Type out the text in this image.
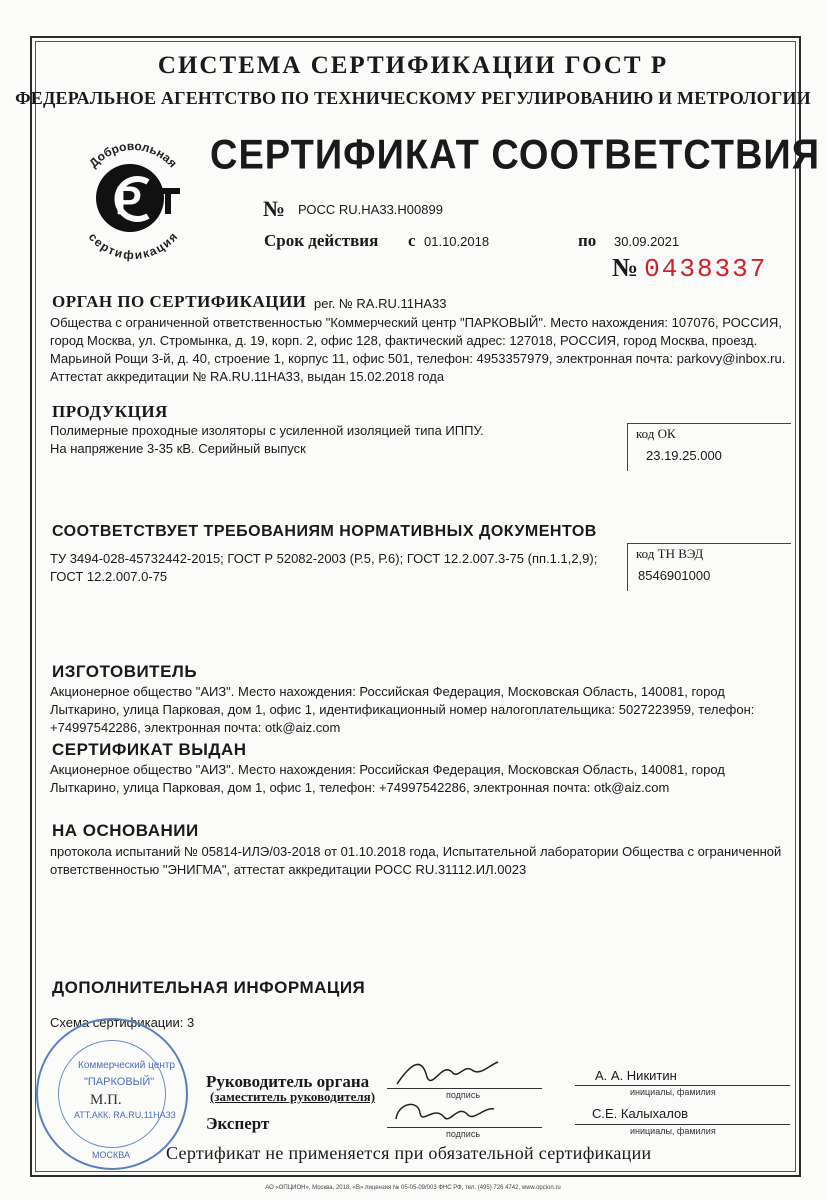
СИСТЕМА СЕРТИФИКАЦИИ ГОСТ Р
ФЕДЕРАЛЬНОЕ АГЕНТСТВО ПО ТЕХНИЧЕСКОМУ РЕГУЛИРОВАНИЮ И МЕТРОЛОГИИ
Добровольная
сертификация
Р
СЕРТИФИКАТ СООТВЕТСТВИЯ
№ РОСС RU.НА33.Н00899
Срок действия с 01.10.2018	по 30.09.2021
№ 0438337
ОРГАН ПО СЕРТИФИКАЦИИ рег. № RA.RU.11НА33
Общества с ограниченной ответственностью "Коммерческий центр "ПАРКОВЫЙ". Место нахождения: 107076, РОССИЯ,
город Москва, ул. Стромынка, д. 19, корп. 2, офис 128, фактический адрес: 127018, РОССИЯ, город Москва, проезд.
Марьиной Рощи 3-й, д. 40, строение 1, корпус 11, офис 501, телефон: 4953357979, электронная почта: parkovy@inbox.ru.
Аттестат аккредитации № RA.RU.11НА33, выдан 15.02.2018 года
ПРОДУКЦИЯ
Полимерные проходные изоляторы с усиленной изоляцией типа ИППУ.
На напряжение 3-35 кВ. Серийный выпуск
код ОК
23.19.25.000
СООТВЕТСТВУЕТ ТРЕБОВАНИЯМ НОРМАТИВНЫХ ДОКУМЕНТОВ
ТУ 3494-028-45732442-2015; ГОСТ Р 52082-2003 (Р.5, Р.6); ГОСТ 12.2.007.3-75 (пп.1.1,2,9);
ГОСТ 12.2.007.0-75
код ТН ВЭД
8546901000
ИЗГОТОВИТЕЛЬ
Акционерное общество "АИЗ". Место нахождения: Российская Федерация, Московская Область, 140081, город
Лыткарино, улица Парковая, дом 1, офис 1, идентификационный номер налогоплательщика: 5027223959, телефон:
+74997542286, электронная почта: otk@aiz.com
СЕРТИФИКАТ ВЫДАН
Акционерное общество "АИЗ". Место нахождения: Российская Федерация, Московская Область, 140081, город
Лыткарино, улица Парковая, дом 1, офис 1, телефон: +74997542286, электронная почта: otk@aiz.com
НА ОСНОВАНИИ
протокола испытаний № 05814-ИЛЭ/03-2018 от 01.10.2018 года, Испытательной лаборатории Общества с ограниченной
ответственностью "ЭНИГМА", аттестат аккредитации РОСС RU.31112.ИЛ.0023
ДОПОЛНИТЕЛЬНАЯ ИНФОРМАЦИЯ
Схема сертификации: 3
Коммерческий центр
"ПАРКОВЫЙ"
М.П.
АТТ.АКК. RA.RU.11НА33
МОСКВА
Руководитель органа
(заместитель руководителя)
Эксперт
подпись
подпись
А. А. Никитин
инициалы, фамилия
С.Е. Калыхалов
инициалы, фамилия
Сертификат не применяется при обязательной сертификации
АО «ОПЦИОН», Москва, 2018, «В» лицензия № 05-05-09/003 ФНС РФ, тел. (495) 726 4742, www.opcion.ru
